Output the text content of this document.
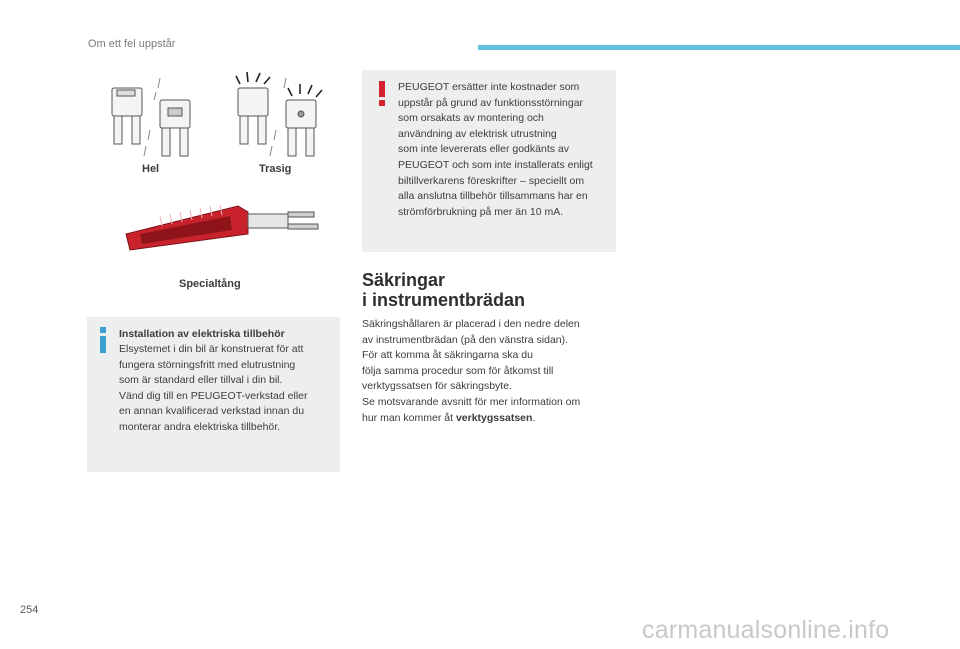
Om ett fel uppstår
Hel	Trasig
Specialtång
Installation av elektriska tillbehör
Elsystemet i din bil är konstruerat för att
fungera störningsfritt med elutrustning
som är standard eller tillval i din bil.
Vänd dig till en PEUGEOT-verkstad eller
en annan kvalificerad verkstad innan du
monterar andra elektriska tillbehör.
PEUGEOT ersätter inte kostnader som
uppstår på grund av funktionsstörningar
som orsakats av montering och
användning av elektrisk utrustning
som inte levererats eller godkänts av
PEUGEOT och som inte installerats enligt
biltillverkarens föreskrifter – speciellt om
alla anslutna tillbehör tillsammans har en
strömförbrukning på mer än 10 mA.
Säkringar
i instrumentbrädan
Säkringshållaren är placerad i den nedre delen
av instrumentbrädan (på den vänstra sidan).
För att komma åt säkringarna ska du
följa samma procedur som för åtkomst till
verktygssatsen för säkringsbyte.
Se motsvarande avsnitt för mer information om
hur man kommer åt verktygssatsen.
254
carmanualsonline.info
